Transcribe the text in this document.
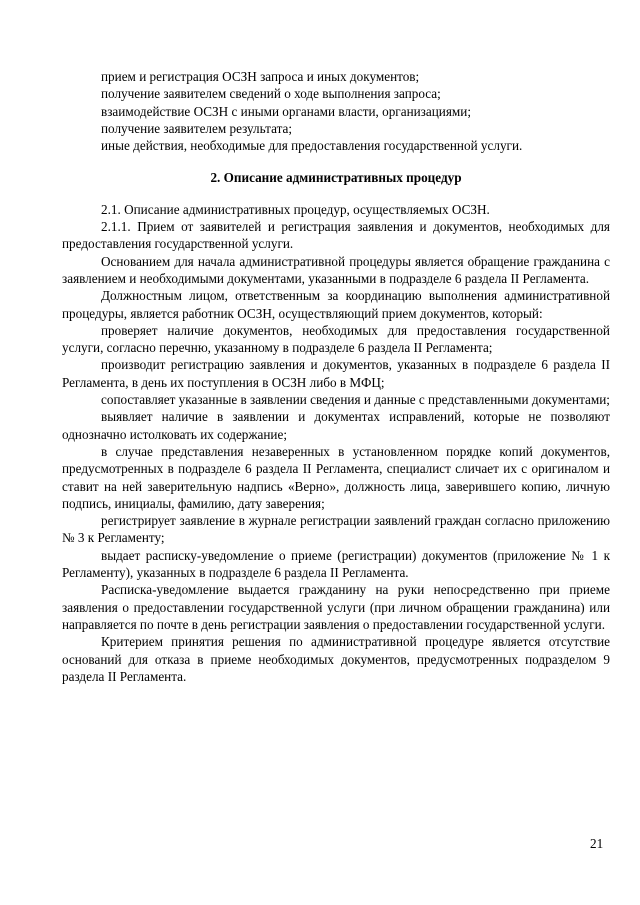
прием и регистрация ОСЗН запроса и иных документов;

получение заявителем сведений о ходе выполнения запроса;

взаимодействие ОСЗН с иными органами власти, организациями;

получение заявителем результата;

иные действия, необходимые для предоставления государственной услуги.

2. Описание административных процедур

2.1. Описание административных процедур, осуществляемых ОСЗН.

2.1.1. Прием от заявителей и регистрация заявления и документов, необходимых для предоставления государственной услуги.

Основанием для начала административной процедуры является обращение гражданина с заявлением и необходимыми документами, указанными в подразделе 6 раздела II Регламента.

Должностным лицом, ответственным за координацию выполнения административной процедуры, является работник ОСЗН, осуществляющий прием документов, который:

проверяет наличие документов, необходимых для предоставления государственной услуги, согласно перечню, указанному в подразделе 6 раздела II Регламента;

производит регистрацию заявления и документов, указанных в подразделе 6 раздела II Регламента, в день их поступления в ОСЗН либо в МФЦ;

сопоставляет указанные в заявлении сведения и данные с представленными документами;

выявляет наличие в заявлении и документах исправлений, которые не позволяют однозначно истолковать их содержание;

в случае представления незаверенных в установленном порядке копий документов, предусмотренных в подразделе 6 раздела II Регламента, специалист сличает их с оригиналом и ставит на ней заверительную надпись «Верно», должность лица, заверившего копию, личную подпись, инициалы, фамилию, дату заверения;

регистрирует заявление в журнале регистрации заявлений граждан согласно приложению № 3 к Регламенту;

выдает расписку-уведомление о приеме (регистрации) документов (приложение № 1 к Регламенту), указанных в подразделе 6 раздела II Регламента.

Расписка-уведомление выдается гражданину на руки непосредственно при приеме заявления о предоставлении государственной услуги (при личном обращении гражданина) или направляется по почте в день регистрации заявления о предоставлении государственной услуги.

Критерием принятия решения по административной процедуре является отсутствие оснований для отказа в приеме необходимых документов, предусмотренных подразделом 9 раздела II Регламента.

21
